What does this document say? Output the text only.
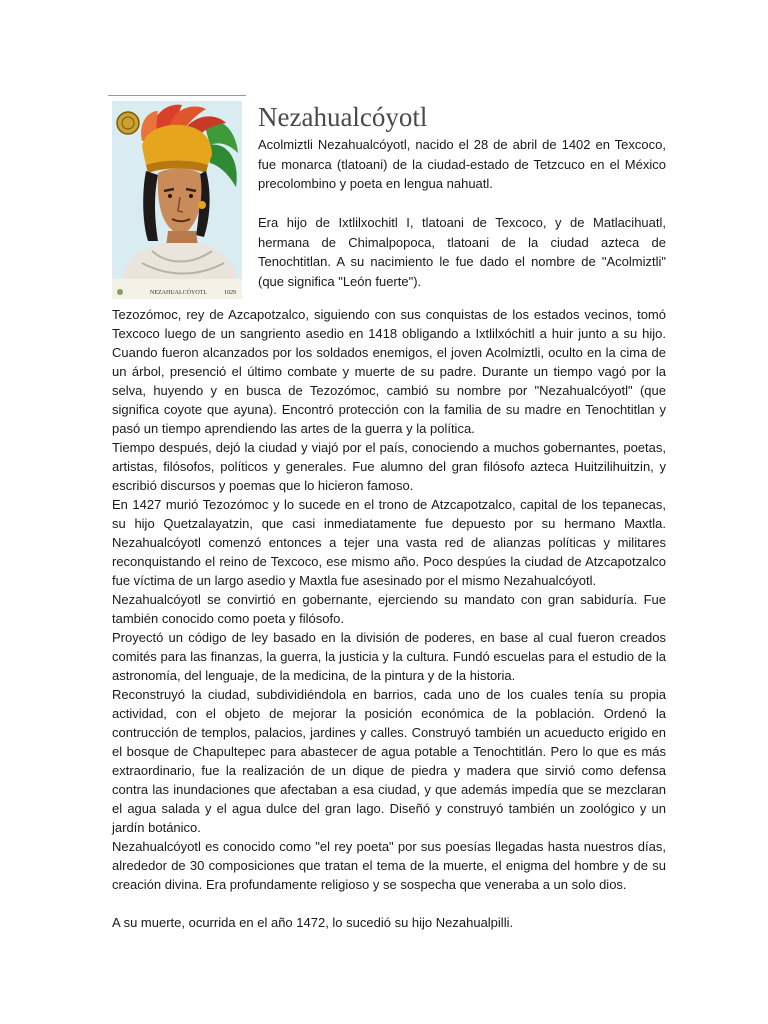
NEZAHUALCÓYOTL	1029
Nezahualcóyotl

Acolmiztli Nezahualcóyotl, nacido el 28 de abril de 1402 en Texcoco, fue monarca (tlatoani) de la ciudad-estado de Tetzcuco en el México precolombino y poeta en lengua nahuatl.

Era hijo de Ixtlilxochitl I, tlatoani de Texcoco, y de Matlacihuatl, hermana de Chimalpopoca, tlatoani de la ciudad azteca de Tenochtitlan. A su nacimiento le fue dado el nombre de "Acolmiztli" (que significa "León fuerte").

Tezozómoc, rey de Azcapotzalco, siguiendo con sus conquistas de los estados vecinos, tomó Texcoco luego de un sangriento asedio en 1418 obligando a Ixtlilxóchitl a huir junto a su hijo. Cuando fueron alcanzados por los soldados enemigos, el joven Acolmiztli, oculto en la cima de un árbol, presenció el último combate y muerte de su padre. Durante un tiempo vagó por la selva, huyendo y en busca de Tezozómoc, cambió su nombre por "Nezahualcóyotl" (que significa coyote que ayuna). Encontró protección con la familia de su madre en Tenochtitlan y pasó un tiempo aprendiendo las artes de la guerra y la política.

Tiempo después, dejó la ciudad y viajó por el país, conociendo a muchos gobernantes, poetas, artistas, filósofos, políticos y generales. Fue alumno del gran filósofo azteca Huitzilihuitzin, y escribió discursos y poemas que lo hicieron famoso.

En 1427 murió Tezozómoc y lo sucede en el trono de Atzcapotzalco, capital de los tepanecas, su hijo Quetzalayatzin, que casi inmediatamente fue depuesto por su hermano Maxtla. Nezahualcóyotl comenzó entonces a tejer una vasta red de alianzas políticas y militares reconquistando el reino de Texcoco, ese mismo año. Poco despúes la ciudad de Atzcapotzalco fue víctima de un largo asedio y Maxtla fue asesinado por el mismo Nezahualcóyotl.

Nezahualcóyotl se convirtió en gobernante, ejerciendo su mandato con gran sabiduría. Fue también conocido como poeta y filósofo.

Proyectó un código de ley basado en la división de poderes, en base al cual fueron creados comités para las finanzas, la guerra, la justicia y la cultura. Fundó escuelas para el estudio de la astronomía, del lenguaje, de la medicina, de la pintura y de la historia.

Reconstruyó la ciudad, subdividiéndola en barrios, cada uno de los cuales tenía su propia actividad, con el objeto de mejorar la posición económica de la población. Ordenó la contrucción de templos, palacios, jardines y calles. Construyó también un acueducto erigido en el bosque de Chapultepec para abastecer de agua potable a Tenochtitlán. Pero lo que es más extraordinario, fue la realización de un dique de piedra y madera que sirvió como defensa contra las inundaciones que afectaban a esa ciudad, y que además impedía que se mezclaran el agua salada y el agua dulce del gran lago. Diseñó y construyó también un zoológico y un jardín botánico.

Nezahualcóyotl es conocido como "el rey poeta" por sus poesías llegadas hasta nuestros días, alrededor de 30 composiciones que tratan el tema de la muerte, el enigma del hombre y de su creación divina. Era profundamente religioso y se sospecha que veneraba a un solo dios.

A su muerte, ocurrida en el año 1472, lo sucedió su hijo Nezahualpilli.
